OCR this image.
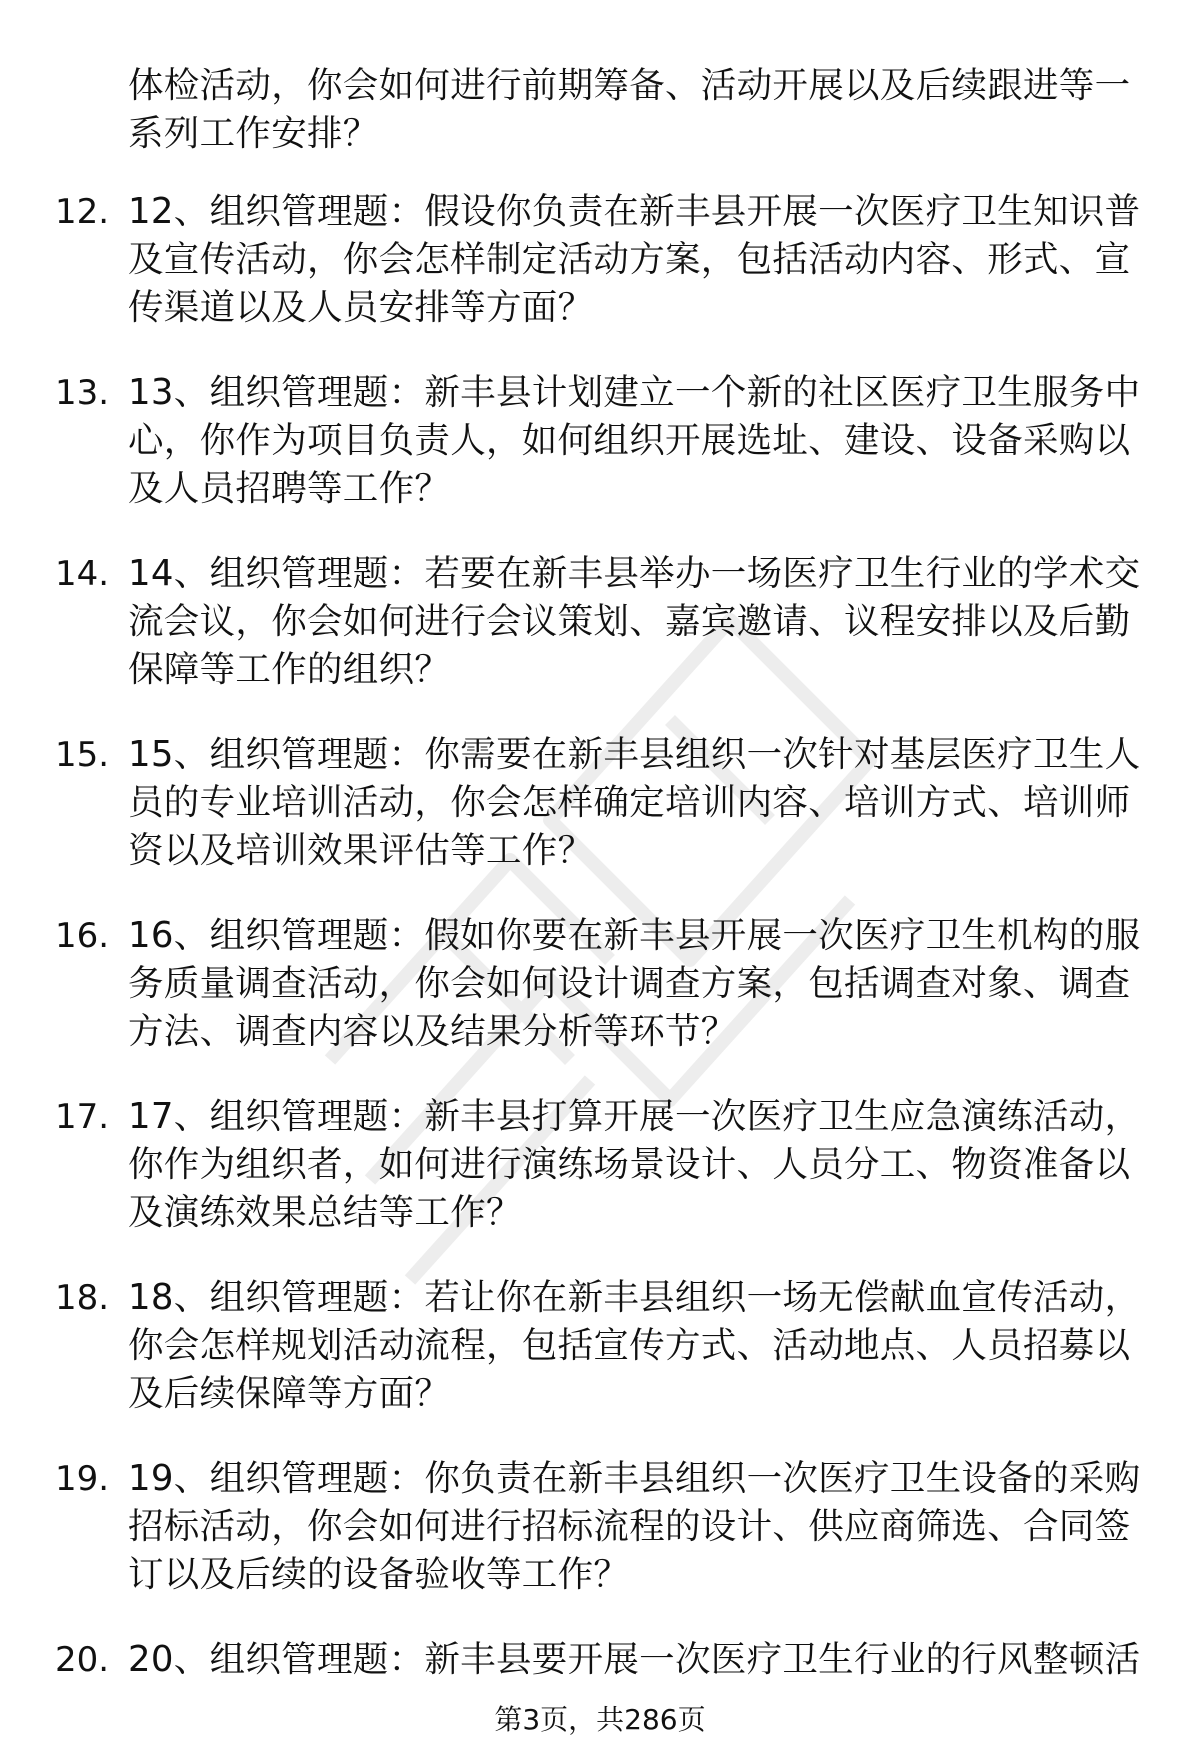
体检活动，你会如何进行前期筹备、活动开展以及后续跟进等一系列工作安排？
12. 12、组织管理题：假设你负责在新丰县开展一次医疗卫生知识普及宣传活动，你会怎样制定活动方案，包括活动内容、形式、宣传渠道以及人员安排等方面？
13. 13、组织管理题：新丰县计划建立一个新的社区医疗卫生服务中心，你作为项目负责人，如何组织开展选址、建设、设备采购以及人员招聘等工作？
14. 14、组织管理题：若要在新丰县举办一场医疗卫生行业的学术交流会议，你会如何进行会议策划、嘉宾邀请、议程安排以及后勤保障等工作的组织？
15. 15、组织管理题：你需要在新丰县组织一次针对基层医疗卫生人员的专业培训活动，你会怎样确定培训内容、培训方式、培训师资以及培训效果评估等工作？
16. 16、组织管理题：假如你要在新丰县开展一次医疗卫生机构的服务质量调查活动，你会如何设计调查方案，包括调查对象、调查方法、调查内容以及结果分析等环节？
17. 17、组织管理题：新丰县打算开展一次医疗卫生应急演练活动，你作为组织者，如何进行演练场景设计、人员分工、物资准备以及演练效果总结等工作？
18. 18、组织管理题：若让你在新丰县组织一场无偿献血宣传活动，你会怎样规划活动流程，包括宣传方式、活动地点、人员招募以及后续保障等方面？
19. 19、组织管理题：你负责在新丰县组织一次医疗卫生设备的采购招标活动，你会如何进行招标流程的设计、供应商筛选、合同签订以及后续的设备验收等工作？
20. 20、组织管理题：新丰县要开展一次医疗卫生行业的行风整顿活
第3页，共286页
